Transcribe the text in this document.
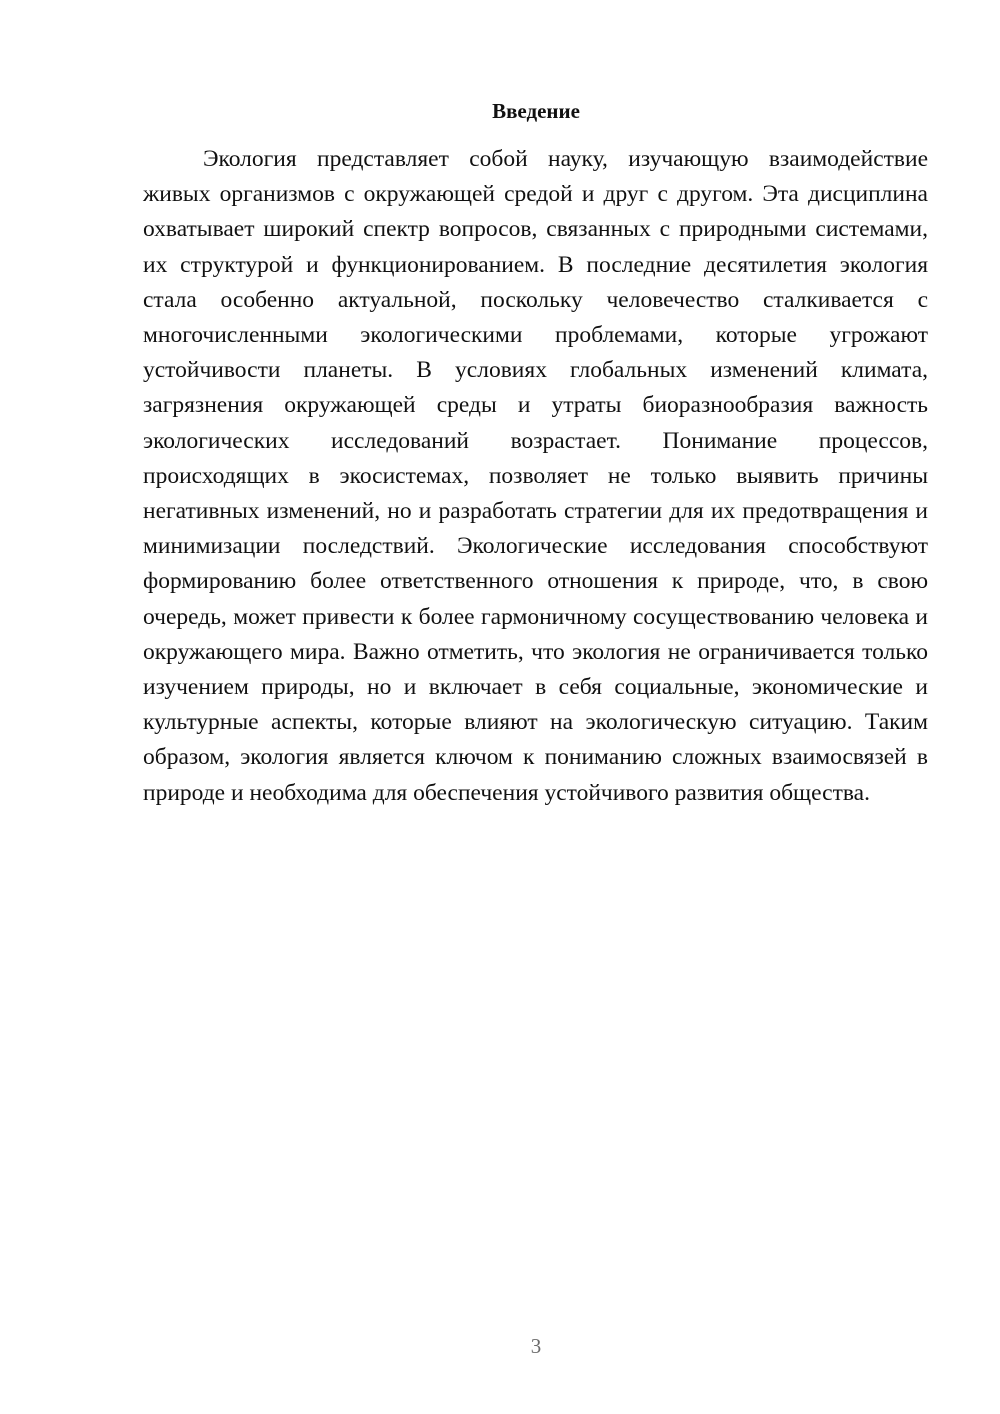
Введение

Экология представляет собой науку, изучающую взаимодействие живых организмов с окружающей средой и друг с другом. Эта дисциплина охватывает широкий спектр вопросов, связанных с природными системами, их структурой и функционированием. В последние десятилетия экология стала особенно актуальной, поскольку человечество сталкивается с многочисленными экологическими проблемами, которые угрожают устойчивости планеты. В условиях глобальных изменений климата, загрязнения окружающей среды и утраты биоразнообразия важность экологических исследований возрастает. Понимание процессов, происходящих в экосистемах, позволяет не только выявить причины негативных изменений, но и разработать стратегии для их предотвращения и минимизации последствий. Экологические исследования способствуют формированию более ответственного отношения к природе, что, в свою очередь, может привести к более гармоничному сосуществованию человека и окружающего мира. Важно отметить, что экология не ограничивается только изучением природы, но и включает в себя социальные, экономические и культурные аспекты, которые влияют на экологическую ситуацию. Таким образом, экология является ключом к пониманию сложных взаимосвязей в природе и необходима для обеспечения устойчивого развития общества.

3
